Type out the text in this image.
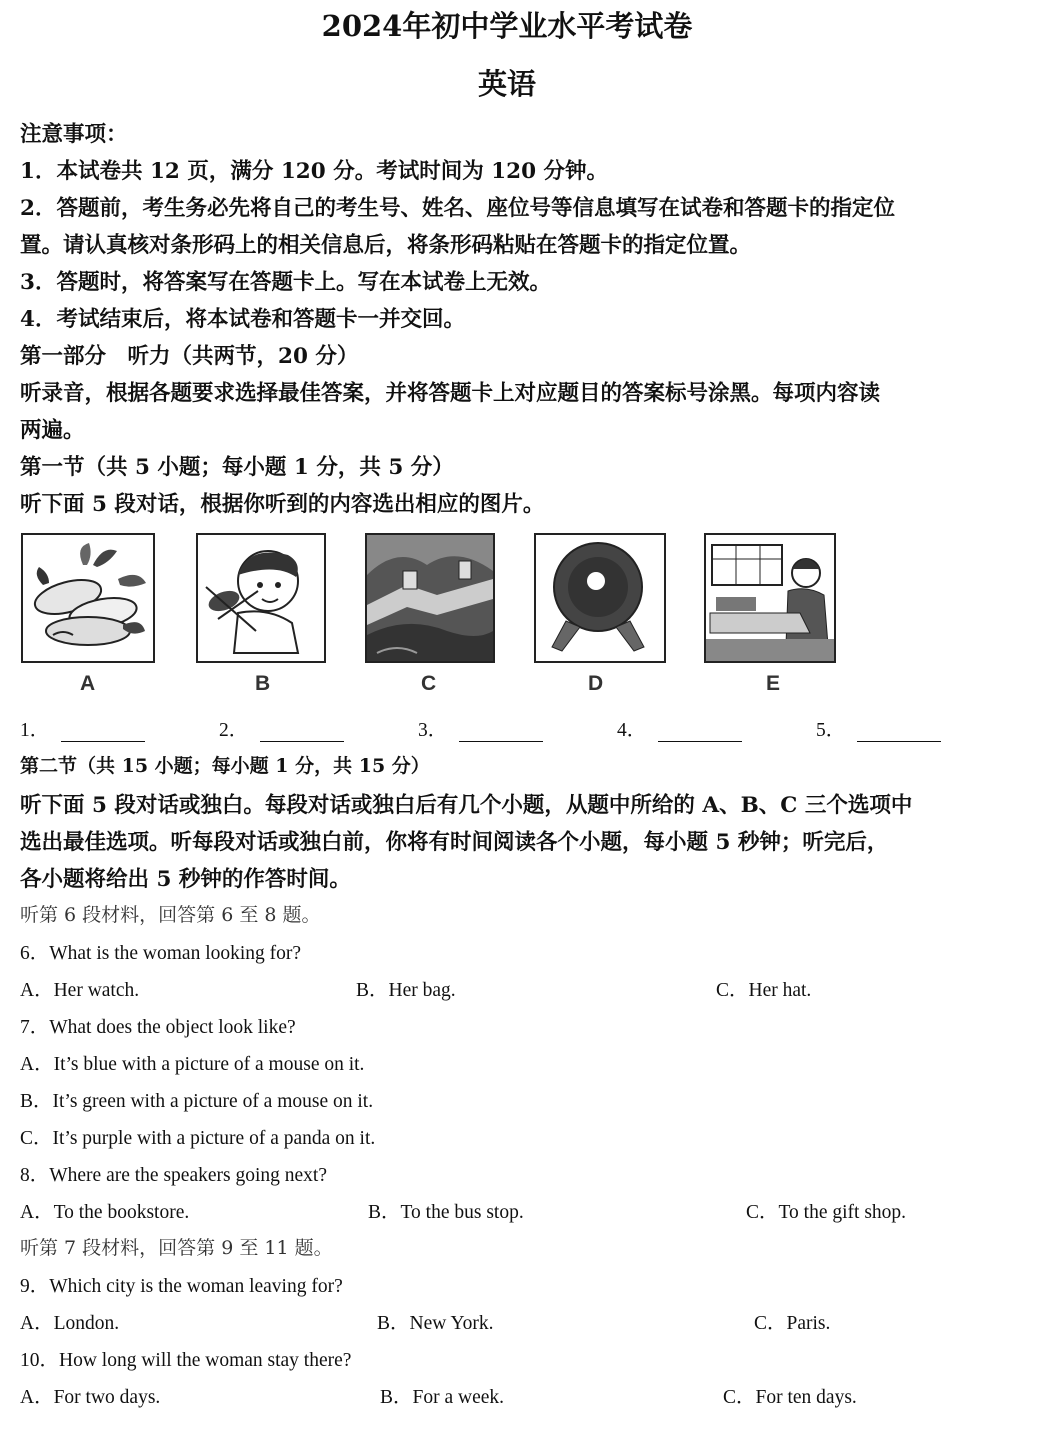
2024年初中学业水平考试卷
英语
注意事项：
1．本试卷共 12 页，满分 120 分。考试时间为 120 分钟。
2．答题前，考生务必先将自己的考生号、姓名、座位号等信息填写在试卷和答题卡的指定位
置。请认真核对条形码上的相关信息后，将条形码粘贴在答题卡的指定位置。
3．答题时，将答案写在答题卡上。写在本试卷上无效。
4．考试结束后，将本试卷和答题卡一并交回。
第一部分　听力（共两节，20 分）
听录音，根据各题要求选择最佳答案，并将答题卡上对应题目的答案标号涂黑。每项内容读
两遍。
第一节（共 5 小题；每小题 1 分，共 5 分）
听下面 5 段对话，根据你听到的内容选出相应的图片。
A	B	C	D	E
1．	2．	3．	4．	5．
第二节（共 15 小题；每小题 1 分，共 15 分）
听下面 5 段对话或独白。每段对话或独白后有几个小题，从题中所给的 A、B、C 三个选项中
选出最佳选项。听每段对话或独白前，你将有时间阅读各个小题，每小题 5 秒钟；听完后，
各小题将给出 5 秒钟的作答时间。
听第 6 段材料，回答第 6 至 8 题。
6．What is the woman looking for?
A．Her watch.	B．Her bag.	C．Her hat.
7．What does the object look like?
A．It’s blue with a picture of a mouse on it.
B．It’s green with a picture of a mouse on it.
C．It’s purple with a picture of a panda on it.
8．Where are the speakers going next?
A．To the bookstore.	B．To the bus stop.	C．To the gift shop.
听第 7 段材料，回答第 9 至 11 题。
9．Which city is the woman leaving for?
A．London.	B．New York.	C．Paris.
10．How long will the woman stay there?
A．For two days.	B．For a week.	C．For ten days.
